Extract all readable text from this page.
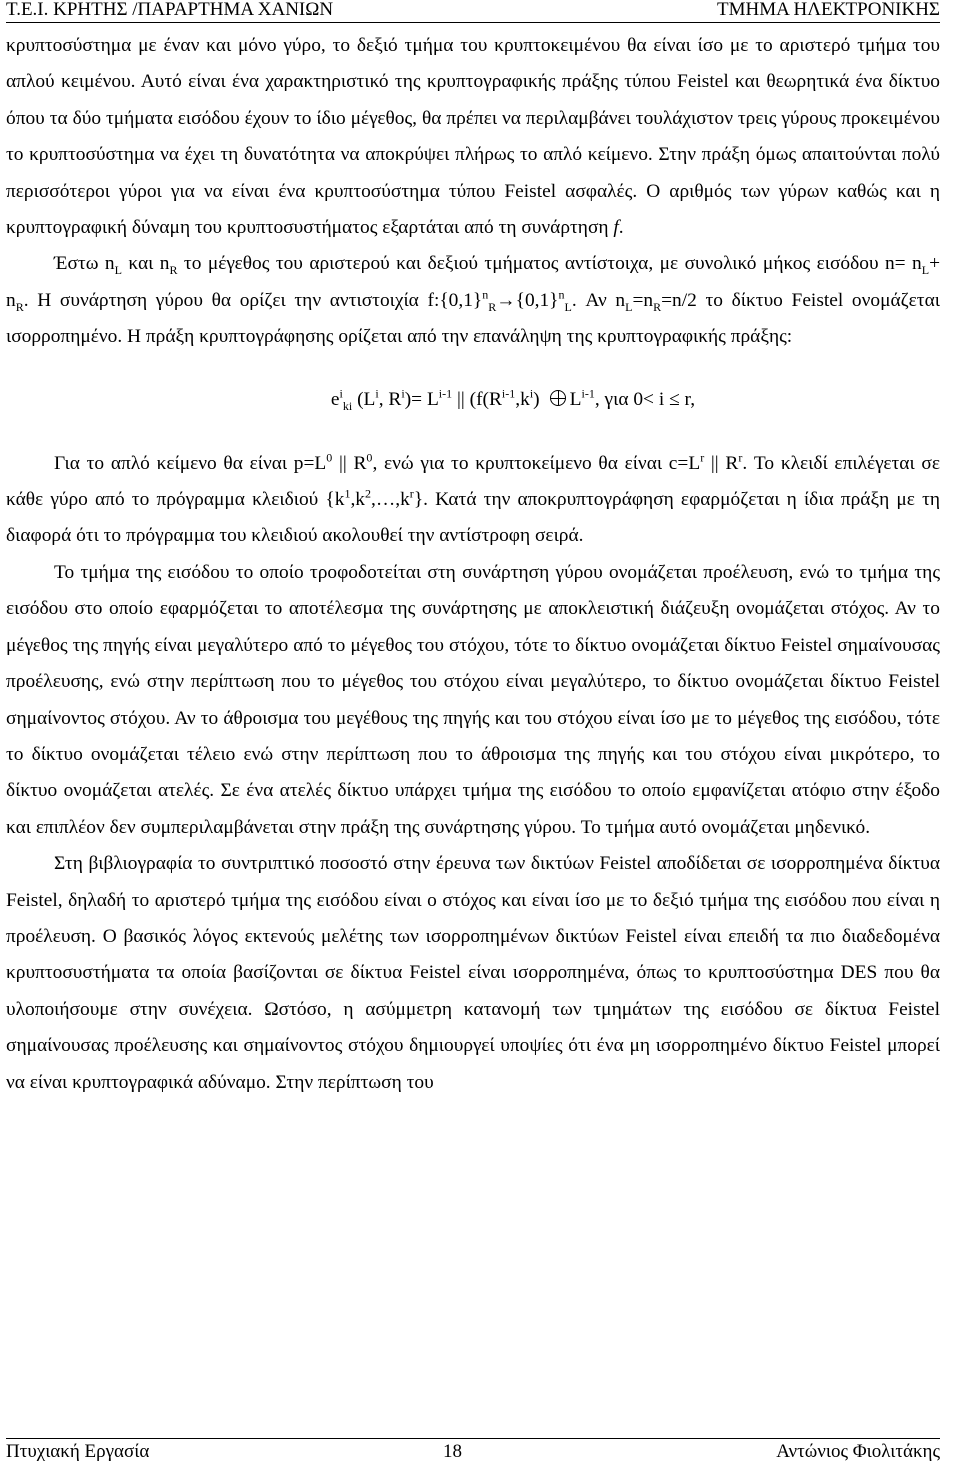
Τ.Ε.Ι. ΚΡΗΤΗΣ /ΠΑΡΑΡΤΗΜΑ ΧΑΝΙΩΝ	ΤΜΗΜΑ ΗΛΕΚΤΡΟΝΙΚΗΣ

κρυπτοσύστημα με έναν και μόνο γύρο, το δεξιό τμήμα του κρυπτοκειμένου θα είναι ίσο με το αριστερό τμήμα του απλού κειμένου. Αυτό είναι ένα χαρακτηριστικό της κρυπτογραφικής πράξης τύπου Feistel και θεωρητικά ένα δίκτυο όπου τα δύο τμήματα εισόδου έχουν το ίδιο μέγεθος, θα πρέπει να περιλαμβάνει τουλάχιστον τρεις γύρους προκειμένου το κρυπτοσύστημα να έχει τη δυνατότητα να αποκρύψει πλήρως το απλό κείμενο. Στην πράξη όμως απαιτούνται πολύ περισσότεροι γύροι για να είναι ένα κρυπτοσύστημα τύπου Feistel ασφαλές. Ο αριθμός των γύρων καθώς και η κρυπτογραφική δύναμη του κρυπτοσυστήματος εξαρτάται από τη συνάρτηση f.

Έστω $n_L$ και $n_R$ το μέγεθος του αριστερού και δεξιού τμήματος αντίστοιχα, με συνολικό μήκος εισόδου $n= n_L+ n_R$. Η συνάρτηση γύρου θα ορίζει την αντιστοιχία $f:\{0,1\}^n_R\to\{0,1\}^n_L$. Αν $n_L=n_R=n/2$ το δίκτυο Feistel ονομάζεται ισορροπημένο. Η πράξη κρυπτογράφησης ορίζεται από την επανάληψη της κρυπτογραφικής πράξης:

$e^i_{ki}$ ($L^i$, $R^i)= L^{i-1}$ || ($f(R^{i-1},k^i)$ $L^{i-1}$, για 0< i ≤ r,

Για το απλό κείμενο θα είναι $p=L^0$ || $R^0$, ενώ για το κρυπτοκείμενο θα είναι $c=L^r$ || $R^r$. Το κλειδί επιλέγεται σε κάθε γύρο από το πρόγραμμα κλειδιού $\{k^1,k^2,\dots,k^r\}$. Κατά την αποκρυπτογράφηση εφαρμόζεται η ίδια πράξη με τη διαφορά ότι το πρόγραμμα του κλειδιού ακολουθεί την αντίστροφη σειρά.

Το τμήμα της εισόδου το οποίο τροφοδοτείται στη συνάρτηση γύρου ονομάζεται προέλευση, ενώ το τμήμα της εισόδου στο οποίο εφαρμόζεται το αποτέλεσμα της συνάρτησης με αποκλειστική διάζευξη ονομάζεται στόχος. Αν το μέγεθος της πηγής είναι μεγαλύτερο από το μέγεθος του στόχου, τότε το δίκτυο ονομάζεται δίκτυο Feistel σημαίνουσας προέλευσης, ενώ στην περίπτωση που το μέγεθος του στόχου είναι μεγαλύτερο, το δίκτυο ονομάζεται δίκτυο Feistel σημαίνοντος στόχου. Αν το άθροισμα του μεγέθους της πηγής και του στόχου είναι ίσο με το μέγεθος της εισόδου, τότε το δίκτυο ονομάζεται τέλειο ενώ στην περίπτωση που το άθροισμα της πηγής και του στόχου είναι μικρότερο, το δίκτυο ονομάζεται ατελές. Σε ένα ατελές δίκτυο υπάρχει τμήμα της εισόδου το οποίο εμφανίζεται ατόφιο στην έξοδο και επιπλέον δεν συμπεριλαμβάνεται στην πράξη της συνάρτησης γύρου. Το τμήμα αυτό ονομάζεται μηδενικό.

Στη βιβλιογραφία το συντριπτικό ποσοστό στην έρευνα των δικτύων Feistel αποδίδεται σε ισορροπημένα δίκτυα Feistel, δηλαδή το αριστερό τμήμα της εισόδου είναι ο στόχος και είναι ίσο με το δεξιό τμήμα της εισόδου που είναι η προέλευση. Ο βασικός λόγος εκτενούς μελέτης των ισορροπημένων δικτύων Feistel είναι επειδή τα πιο διαδεδομένα κρυπτοσυστήματα τα οποία βασίζονται σε δίκτυα Feistel είναι ισορροπημένα, όπως το κρυπτοσύστημα DES που θα υλοποιήσουμε στην συνέχεια. Ωστόσο, η ασύμμετρη κατανομή των τμημάτων της εισόδου σε δίκτυα Feistel σημαίνουσας προέλευσης και σημαίνοντος στόχου δημιουργεί υποψίες ότι ένα μη ισορροπημένο δίκτυο Feistel μπορεί να είναι κρυπτογραφικά αδύναμο. Στην περίπτωση του

Πτυχιακή Εργασία	18	Αντώνιος Φιολιτάκης
